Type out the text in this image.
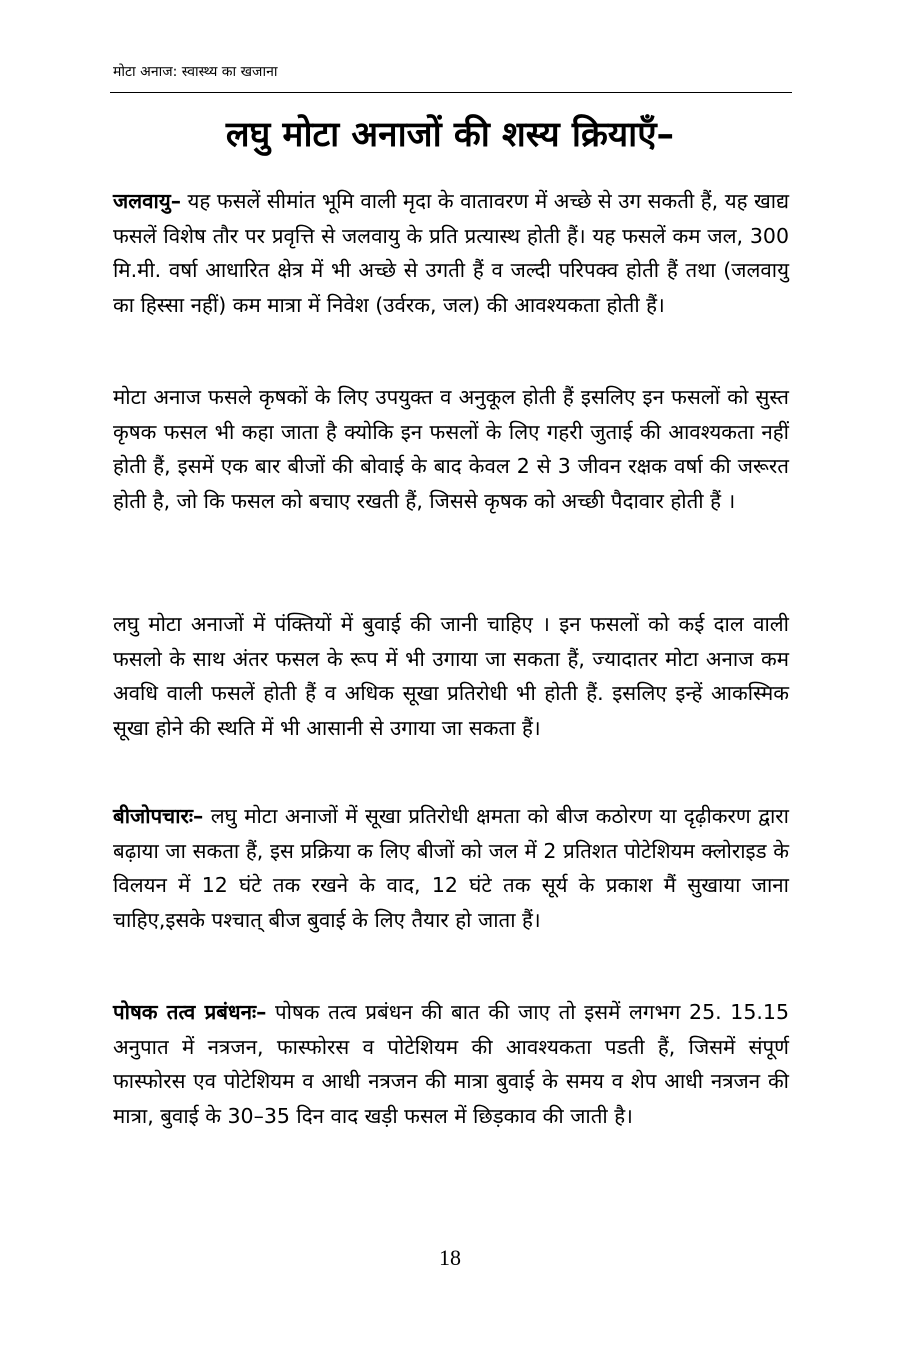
मोटा अनाज: स्वास्थ्य का खजाना
लघु मोटा अनाजों की शस्य क्रियाएँ–

जलवायु– यह फसलें सीमांत भूमि वाली मृदा के वातावरण में अच्छे से उग सकती हैं, यह खाद्य फसलें विशेष तौर पर प्रवृत्ति से जलवायु के प्रति प्रत्यास्थ होती हैं। यह फसलें कम जल, 300 मि.मी. वर्षा आधारित क्षेत्र में भी अच्छे से उगती हैं व जल्दी परिपक्व होती हैं तथा (जलवायु का हिस्सा नहीं) कम मात्रा में निवेश (उर्वरक, जल) की आवश्यकता होती हैं।

मोटा अनाज फसले कृषकों के लिए उपयुक्त व अनुकूल होती हैं इसलिए इन फसलों को सुस्त कृषक फसल भी कहा जाता है क्योकि इन फसलों के लिए गहरी जुताई की आवश्यकता नहीं होती हैं, इसमें एक बार बीजों की बोवाई के बाद केवल 2 से 3 जीवन रक्षक वर्षा की जरूरत होती है, जो कि फसल को बचाए रखती हैं, जिससे कृषक को अच्छी पैदावार होती हैं ।

लघु मोटा अनाजों में पंक्तियों में बुवाई की जानी चाहिए । इन फसलों को कई दाल वाली फसलो के साथ अंतर फसल के रूप में भी उगाया जा सकता हैं, ज्यादातर मोटा अनाज कम अवधि वाली फसलें होती हैं व अधिक सूखा प्रतिरोधी भी होती हैं. इसलिए इन्हें आकस्मिक सूखा होने की स्थति में भी आसानी से उगाया जा सकता हैं।

बीजोपचारः– लघु मोटा अनाजों में सूखा प्रतिरोधी क्षमता को बीज कठोरण या दृढ़ीकरण द्वारा बढ़ाया जा सकता हैं, इस प्रक्रिया क लिए बीजों को जल में 2 प्रतिशत पोटेशियम क्लोराइड के विलयन में 12 घंटे तक रखने के वाद, 12 घंटे तक सूर्य के प्रकाश मैं सुखाया जाना चाहिए,इसके पश्चात् बीज बुवाई के लिए तैयार हो जाता हैं।

पोषक तत्व प्रबंधनः– पोषक तत्व प्रबंधन की बात की जाए तो इसमें लगभग 25. 15.15 अनुपात में नत्रजन, फास्फोरस व पोटेशियम की आवश्यकता पडती हैं, जिसमें संपूर्ण फास्फोरस एव पोटेशियम व आधी नत्रजन की मात्रा बुवाई के समय व शेप आधी नत्रजन की मात्रा, बुवाई के 30–35 दिन वाद खड़ी फसल में छिड़काव की जाती है।

18
